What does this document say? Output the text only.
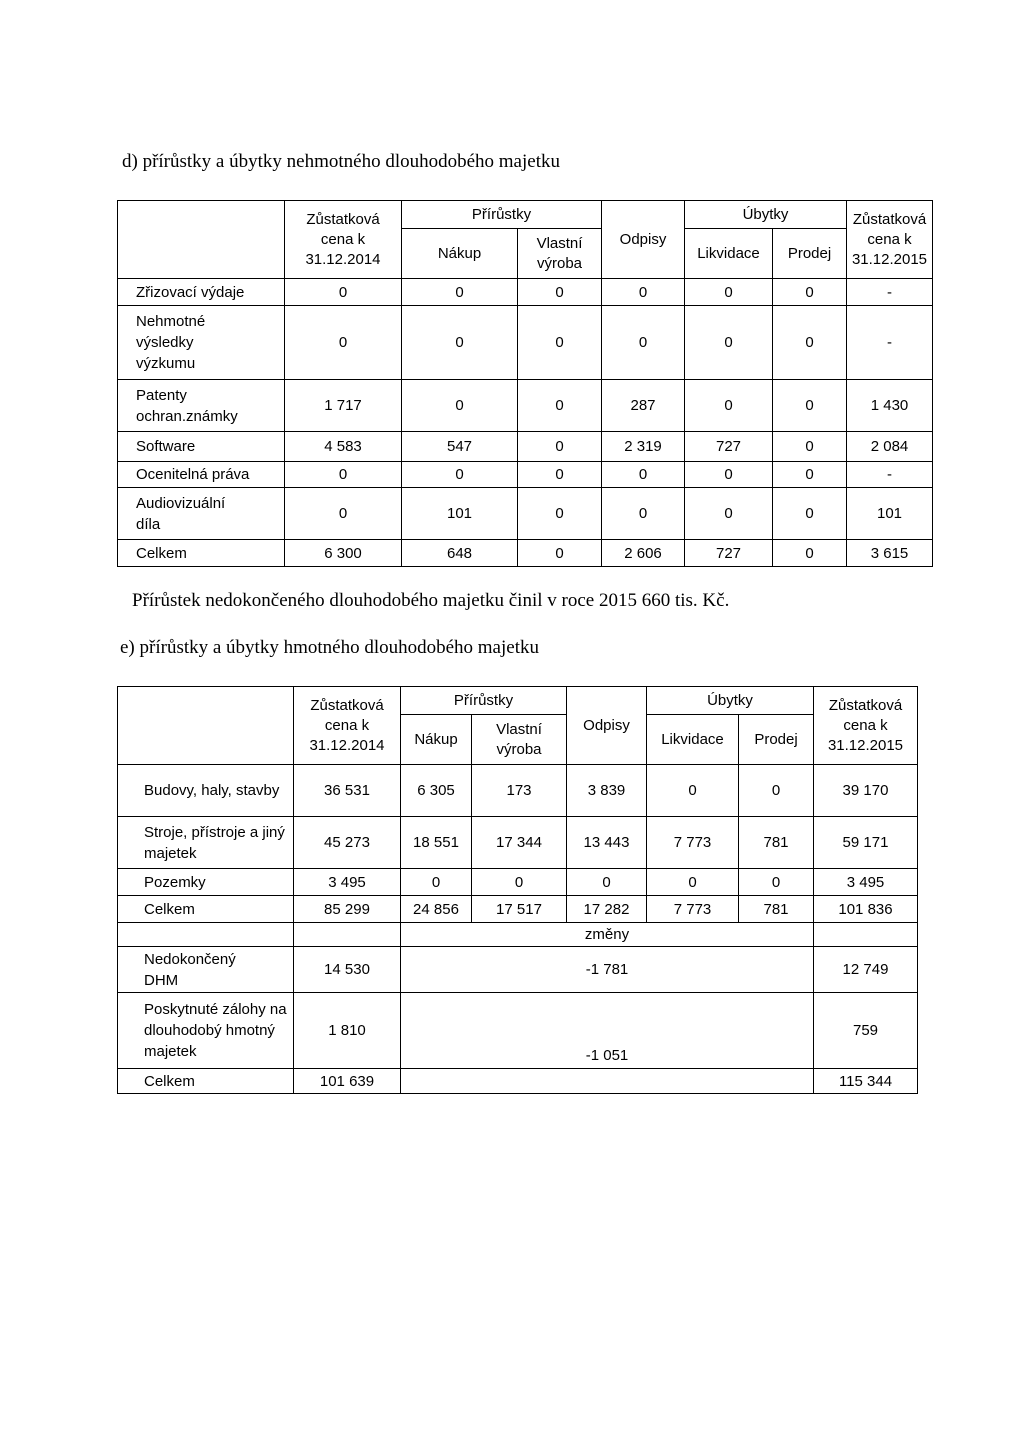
d) přírůstky a úbytky nehmotného dlouhodobého majetku
	Zůstatková cena k 31.12.2014	Přírůstky		Odpisy	Úbytky		Zůstatková cena k 31.12.2015
		Nákup	Vlastní výroba		Likvidace	Prodej	
Zřizovací výdaje	0	0	0	0	0	0	-
Nehmotné výsledky výzkumu	0	0	0	0	0	0	-
Patenty ochran.známky	1 717	0	0	287	0	0	1 430
Software	4 583	547	0	2 319	727	0	2 084
Ocenitelná práva	0	0	0	0	0	0	-
Audiovizuální díla	0	101	0	0	0	0	101
Celkem	6 300	648	0	2 606	727	0	3 615
Přírůstek nedokončeného dlouhodobého majetku činil v roce 2015 660 tis. Kč.
e) přírůstky a úbytky hmotného dlouhodobého majetku
	Zůstatková cena k 31.12.2014	Přírůstky		Odpisy	Úbytky		Zůstatková cena k 31.12.2015
		Nákup	Vlastní výroba		Likvidace	Prodej	
Budovy, haly, stavby	36 531	6 305	173	3 839	0	0	39 170
Stroje, přístroje a jiný majetek	45 273	18 551	17 344	13 443	7 773	781	59 171
Pozemky	3 495	0	0	0	0	0	3 495
Celkem	85 299	24 856	17 517	17 282	7 773	781	101 836
		změny					
Nedokončený DHM	14 530	-1 781					12 749
Poskytnuté zálohy na dlouhodobý hmotný majetek	1 810	-1 051					759
Celkem	101 639						115 344
